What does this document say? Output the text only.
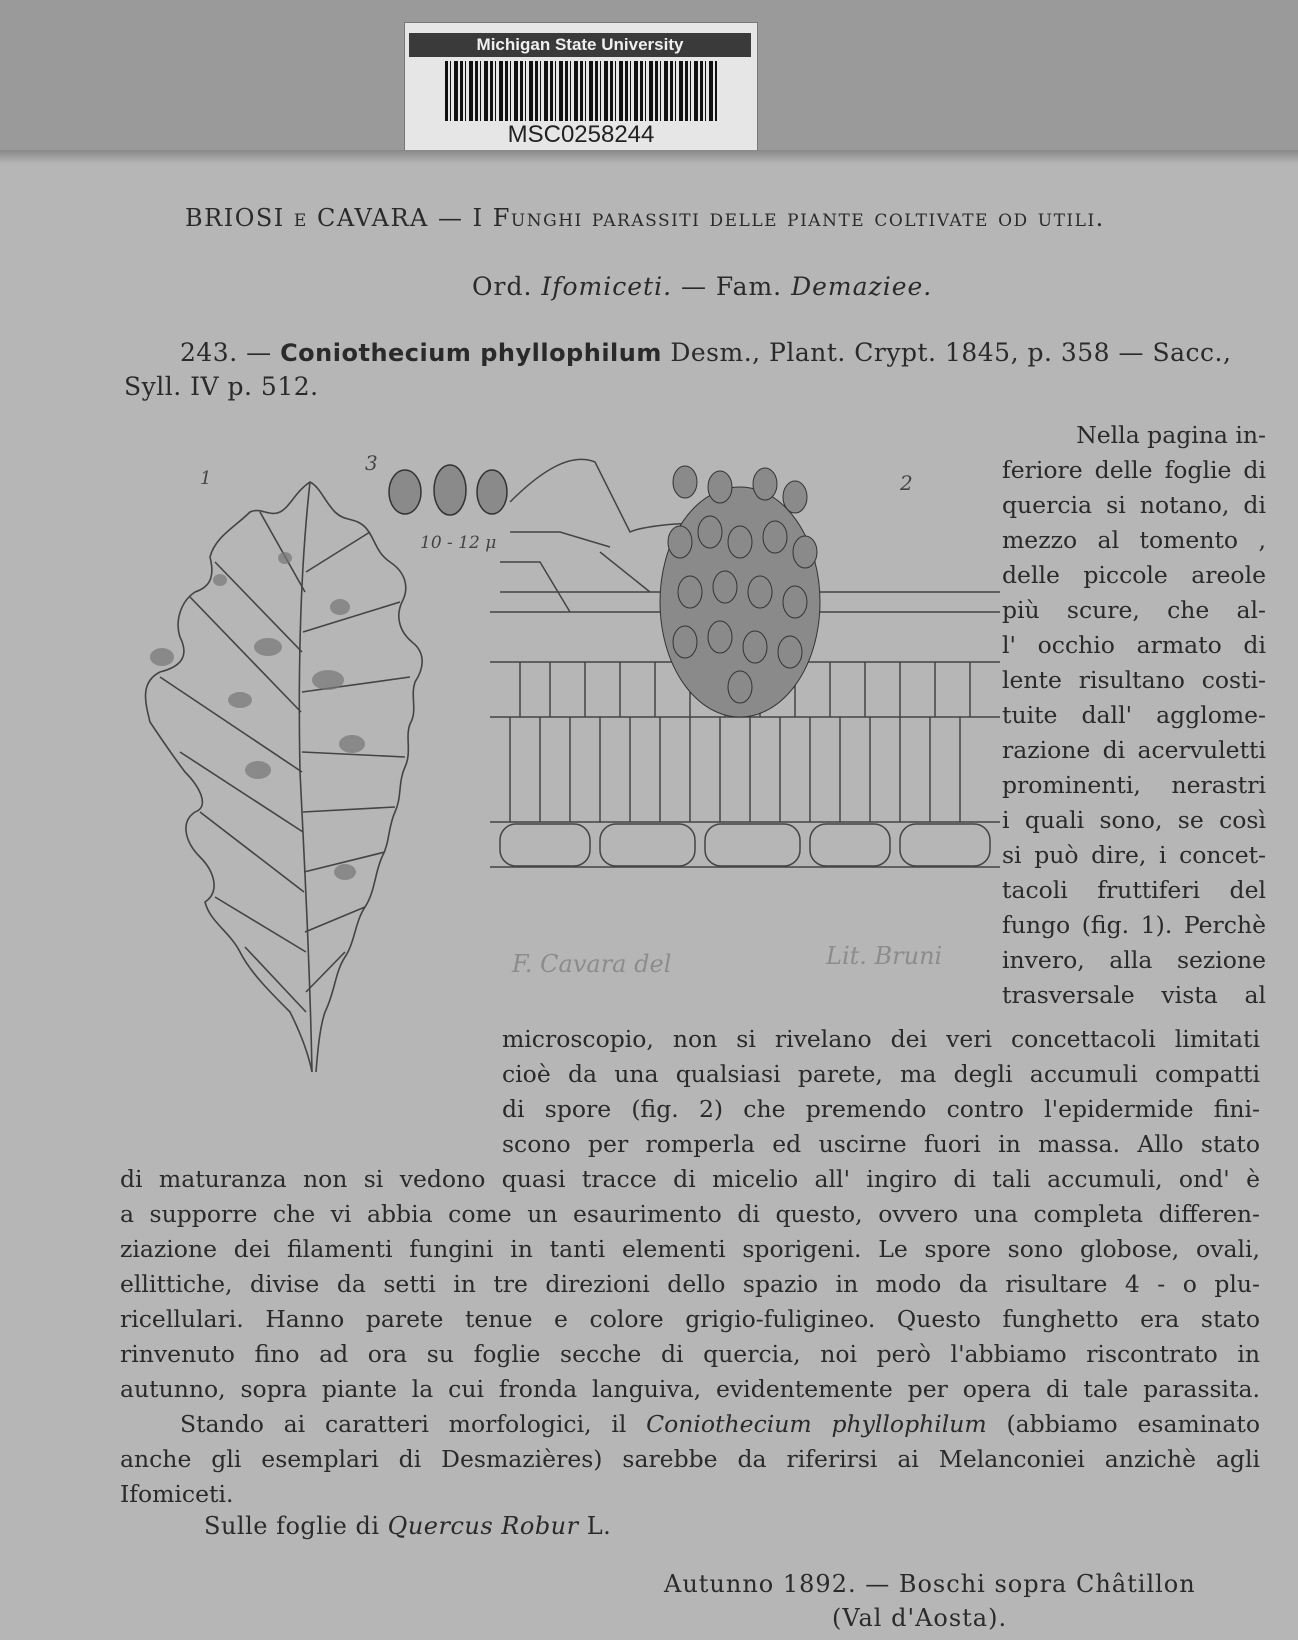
Michigan State University
MSC0258244
BRIOSI e CAVARA — I Funghi parassiti delle piante coltivate od utili.
Ord. Ifomiceti. — Fam. Demaziee.
243. — Coniothecium phyllophilum Desm., Plant. Crypt. 1845, p. 358 — Sacc.,
Syll. IV p. 512.
1
3
10 - 12 μ
2
F. Cavara del	Lit. Bruni
Nella pagina in-
feriore delle foglie di
quercia si notano, di
mezzo al tomento ,
delle piccole areole
più scure, che al-
l' occhio armato di
lente risultano costi-
tuite dall' agglome-
razione di acervuletti
prominenti, nerastri
i quali sono, se così
si può dire, i concet-
tacoli fruttiferi del
fungo (fig. 1). Perchè
invero, alla sezione
trasversale vista al
microscopio, non si rivelano dei veri concettacoli limitati
cioè da una qualsiasi parete, ma degli accumuli compatti
di spore (fig. 2) che premendo contro l'epidermide fini-
scono per romperla ed uscirne fuori in massa. Allo stato
di maturanza non si vedono quasi tracce di micelio all' ingiro di tali accumuli, ond' è
a supporre che vi abbia come un esaurimento di questo, ovvero una completa differen-
ziazione dei filamenti fungini in tanti elementi sporigeni. Le spore sono globose, ovali,
ellittiche, divise da setti in tre direzioni dello spazio in modo da risultare 4 - o plu-
ricellulari. Hanno parete tenue e colore grigio-fuligineo. Questo funghetto era stato
rinvenuto fino ad ora su foglie secche di quercia, noi però l'abbiamo riscontrato in
autunno, sopra piante la cui fronda languiva, evidentemente per opera di tale parassita.
Stando ai caratteri morfologici, il Coniothecium phyllophilum (abbiamo esaminato
anche gli esemplari di Desmazières) sarebbe da riferirsi ai Melanconiei anzichè agli
Ifomiceti.
Sulle foglie di Quercus Robur L.
Autunno 1892. — Boschi sopra Châtillon
(Val d'Aosta).
